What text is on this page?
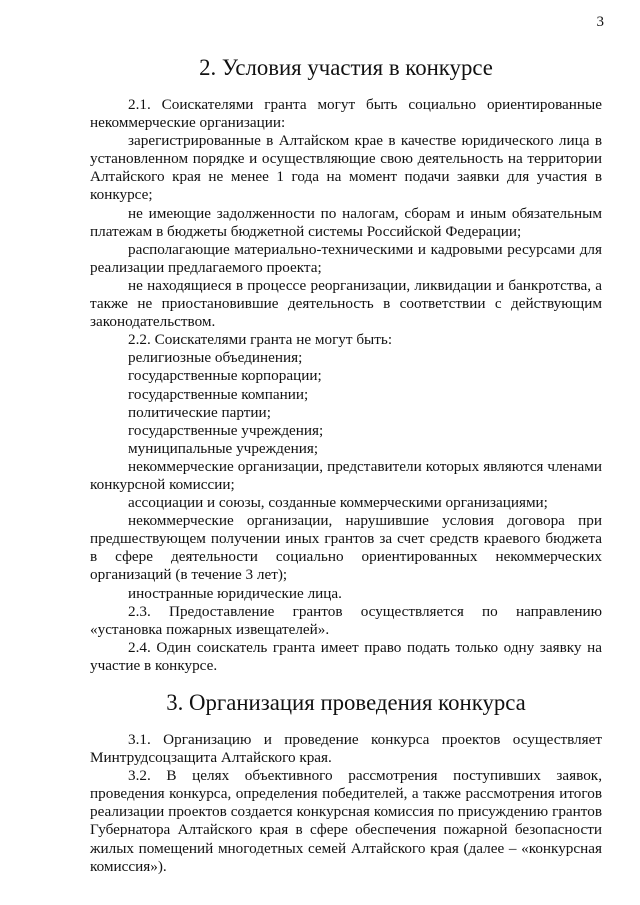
3
2. Условия участия в конкурсе

2.1. Соискателями гранта могут быть социально ориентированные некоммерческие организации:

зарегистрированные в Алтайском крае в качестве юридического лица в установленном порядке и осуществляющие свою деятельность на территории Алтайского края не менее 1 года на момент подачи заявки для участия в конкурсе;

не имеющие задолженности по налогам, сборам и иным обязательным платежам в бюджеты бюджетной системы Российской Федерации;

располагающие материально-техническими и кадровыми ресурсами для реализации предлагаемого проекта;

не находящиеся в процессе реорганизации, ликвидации и банкротства, а также не приостановившие деятельность в соответствии с действующим законодательством.

2.2. Соискателями гранта не могут быть:

религиозные объединения;

государственные корпорации;

государственные компании;

политические партии;

государственные учреждения;

муниципальные учреждения;

некоммерческие организации, представители которых являются членами конкурсной комиссии;

ассоциации и союзы, созданные коммерческими организациями;

некоммерческие организации, нарушившие условия договора при предшествующем получении иных грантов за счет средств краевого бюджета в сфере деятельности социально ориентированных некоммерческих организаций (в течение 3 лет);

иностранные юридические лица.

2.3. Предоставление грантов осуществляется по направлению «установка пожарных извещателей».

2.4. Один соискатель гранта имеет право подать только одну заявку на участие в конкурсе.

3. Организация проведения конкурса

3.1. Организацию и проведение конкурса проектов осуществляет Минтрудсоцзащита Алтайского края.

3.2. В целях объективного рассмотрения поступивших заявок, проведения конкурса, определения победителей, а также рассмотрения итогов реализации проектов создается конкурсная комиссия по присуждению грантов Губернатора Алтайского края в сфере обеспечения пожарной безопасности жилых помещений многодетных семей Алтайского края (далее – «конкурсная комиссия»).
